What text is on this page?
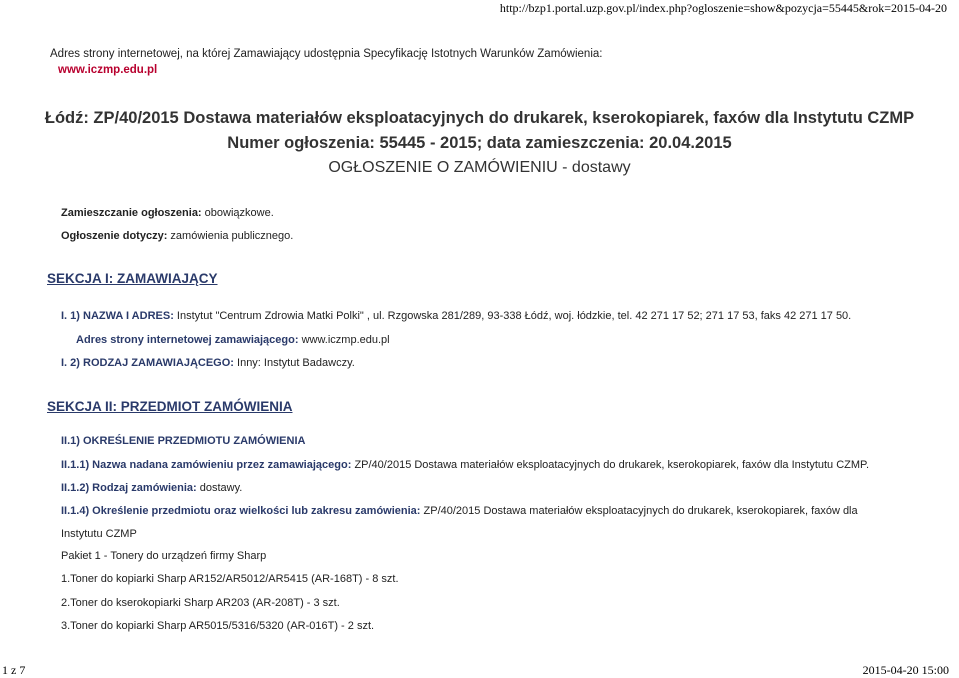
http://bzp1.portal.uzp.gov.pl/index.php?ogloszenie=show&pozycja=55445&rok=2015-04-20
Adres strony internetowej, na której Zamawiający udostępnia Specyfikację Istotnych Warunków Zamówienia:
www.iczmp.edu.pl
Łódź: ZP/40/2015 Dostawa materiałów eksploatacyjnych do drukarek, kserokopiarek, faxów dla Instytutu CZMP
Numer ogłoszenia: 55445 - 2015; data zamieszczenia: 20.04.2015
OGŁOSZENIE O ZAMÓWIENIU - dostawy
Zamieszczanie ogłoszenia: obowiązkowe.
Ogłoszenie dotyczy: zamówienia publicznego.
SEKCJA I: ZAMAWIAJĄCY
I. 1) NAZWA I ADRES: Instytut "Centrum Zdrowia Matki Polki" , ul. Rzgowska 281/289, 93-338 Łódź, woj. łódzkie, tel. 42 271 17 52; 271 17 53, faks 42 271 17 50.
Adres strony internetowej zamawiającego: www.iczmp.edu.pl
I. 2) RODZAJ ZAMAWIAJĄCEGO: Inny: Instytut Badawczy.
SEKCJA II: PRZEDMIOT ZAMÓWIENIA
II.1) OKREŚLENIE PRZEDMIOTU ZAMÓWIENIA
II.1.1) Nazwa nadana zamówieniu przez zamawiającego: ZP/40/2015 Dostawa materiałów eksploatacyjnych do drukarek, kserokopiarek, faxów dla Instytutu CZMP.
II.1.2) Rodzaj zamówienia: dostawy.
II.1.4) Określenie przedmiotu oraz wielkości lub zakresu zamówienia: ZP/40/2015 Dostawa materiałów eksploatacyjnych do drukarek, kserokopiarek, faxów dla
Instytutu CZMP
Pakiet 1 - Tonery do urządzeń firmy Sharp
1.Toner do kopiarki Sharp AR152/AR5012/AR5415 (AR-168T) - 8 szt.
2.Toner do kserokopiarki Sharp AR203 (AR-208T) - 3 szt.
3.Toner do kopiarki Sharp AR5015/5316/5320 (AR-016T) - 2 szt.
1 z 7	2015-04-20 15:00
